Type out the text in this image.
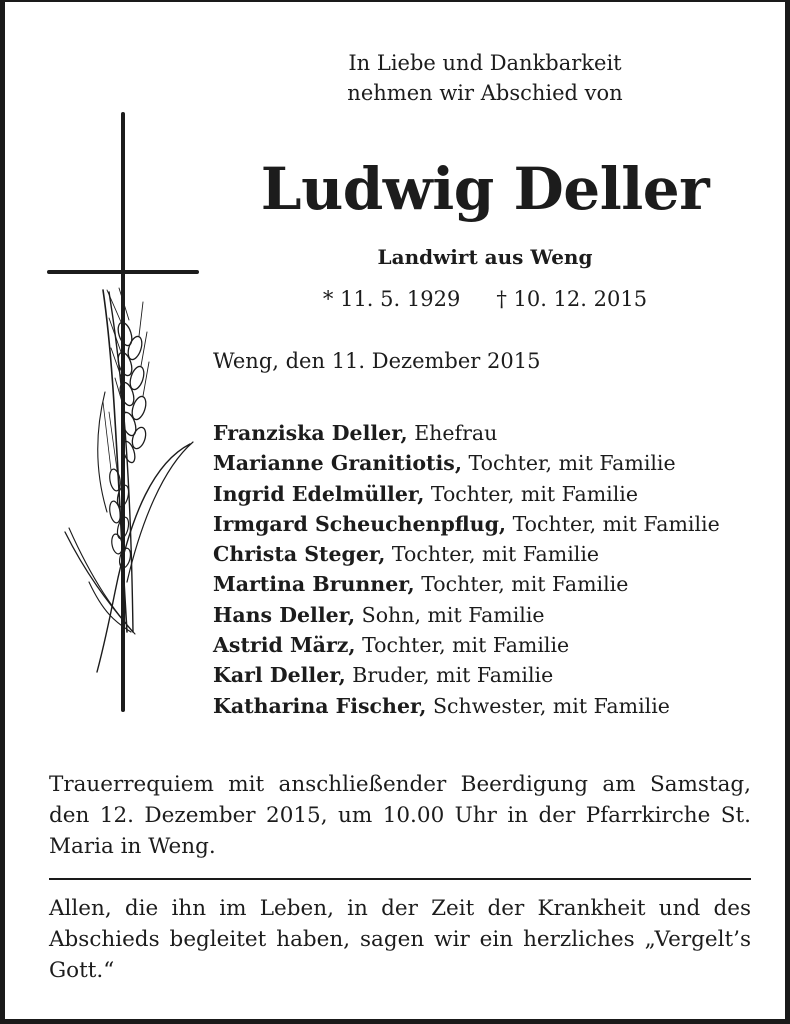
In Liebe und Dankbarkeit
nehmen wir Abschied von
Ludwig Deller
Landwirt aus Weng
* 11. 5. 1929 † 10. 12. 2015
Weng, den 11. Dezember 2015
Franziska Deller, Ehefrau
Marianne Granitiotis, Tochter, mit Familie
Ingrid Edelmüller, Tochter, mit Familie
Irmgard Scheuchenpflug, Tochter, mit Familie
Christa Steger, Tochter, mit Familie
Martina Brunner, Tochter, mit Familie
Hans Deller, Sohn, mit Familie
Astrid März, Tochter, mit Familie
Karl Deller, Bruder, mit Familie
Katharina Fischer, Schwester, mit Familie
Trauerrequiem mit anschließender Beerdigung am Samstag, den 12. Dezember 2015, um 10.00 Uhr in der Pfarrkirche St. Maria in Weng.
Allen, die ihn im Leben, in der Zeit der Krankheit und des Abschieds begleitet haben, sagen wir ein herzliches „Vergelt’s Gott.“
